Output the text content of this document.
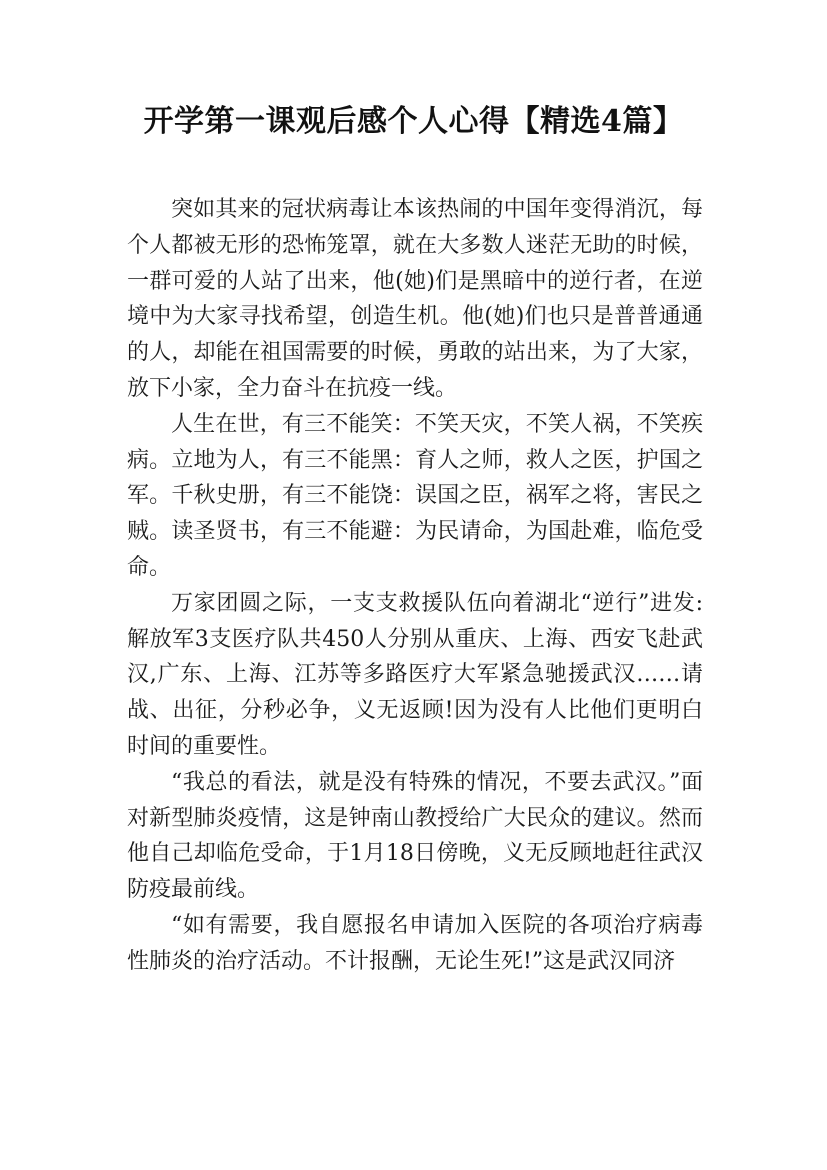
开学第一课观后感个人心得【精选4篇】

突如其来的冠状病毒让本该热闹的中国年变得消沉，每个人都被无形的恐怖笼罩，就在大多数人迷茫无助的时候，一群可爱的人站了出来，他(她)们是黑暗中的逆行者，在逆境中为大家寻找希望，创造生机。他(她)们也只是普普通通的人，却能在祖国需要的时候，勇敢的站出来，为了大家，放下小家，全力奋斗在抗疫一线。

人生在世，有三不能笑：不笑天灾，不笑人祸，不笑疾病。立地为人，有三不能黑：育人之师，救人之医，护国之军。千秋史册，有三不能饶：误国之臣，祸军之将，害民之贼。读圣贤书，有三不能避：为民请命，为国赴难，临危受命。

万家团圆之际，一支支救援队伍向着湖北“逆行”进发:解放军3支医疗队共450人分别从重庆、上海、西安飞赴武汉,广东、上海、江苏等多路医疗大军紧急驰援武汉……请战、出征，分秒必争，义无返顾!因为没有人比他们更明白时间的重要性。

“我总的看法，就是没有特殊的情况，不要去武汉。”面对新型肺炎疫情，这是钟南山教授给广大民众的建议。然而他自己却临危受命，于1月18日傍晚，义无反顾地赶往武汉防疫最前线。

“如有需要，我自愿报名申请加入医院的各项治疗病毒性肺炎的治疗活动。不计报酬，无论生死!”这是武汉同济
